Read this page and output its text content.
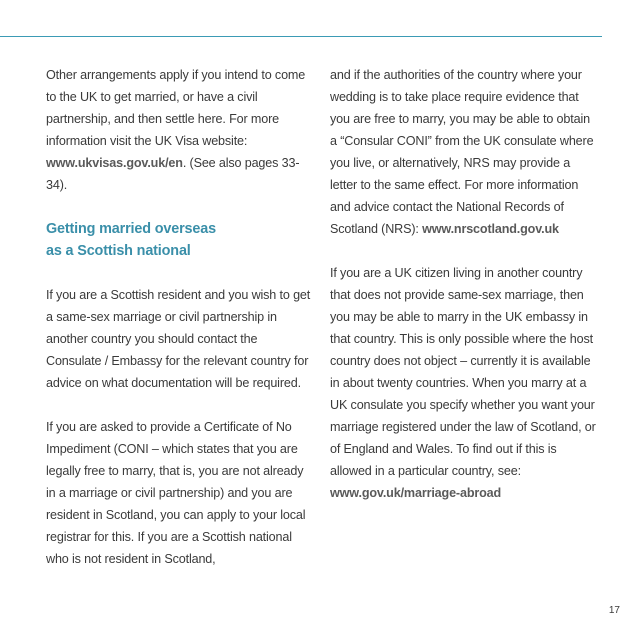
Other arrangements apply if you intend to come to the UK to get married, or have a civil partnership, and then settle here. For more information visit the UK Visa website: www.ukvisas.gov.uk/en. (See also pages 33-34).

Getting married overseas
as a Scottish national

If you are a Scottish resident and you wish to get a same-sex marriage or civil partnership in another country you should contact the Consulate / Embassy for the relevant country for advice on what documentation will be required.

If you are asked to provide a Certificate of No Impediment (CONI – which states that you are legally free to marry, that is, you are not already in a marriage or civil partnership) and you are resident in Scotland, you can apply to your local registrar for this. If you are a Scottish national who is not resident in Scotland,

and if the authorities of the country where your wedding is to take place require evidence that you are free to marry, you may be able to obtain a “Consular CONI” from the UK consulate where you live, or alternatively, NRS may provide a letter to the same effect. For more information and advice contact the National Records of Scotland (NRS): www.nrscotland.gov.uk

If you are a UK citizen living in another country that does not provide same-sex marriage, then you may be able to marry in the UK embassy in that country. This is only possible where the host country does not object – currently it is available in about twenty countries. When you marry at a UK consulate you specify whether you want your marriage registered under the law of Scotland, or of England and Wales. To find out if this is allowed in a particular country, see: www.gov.uk/marriage-abroad

17
